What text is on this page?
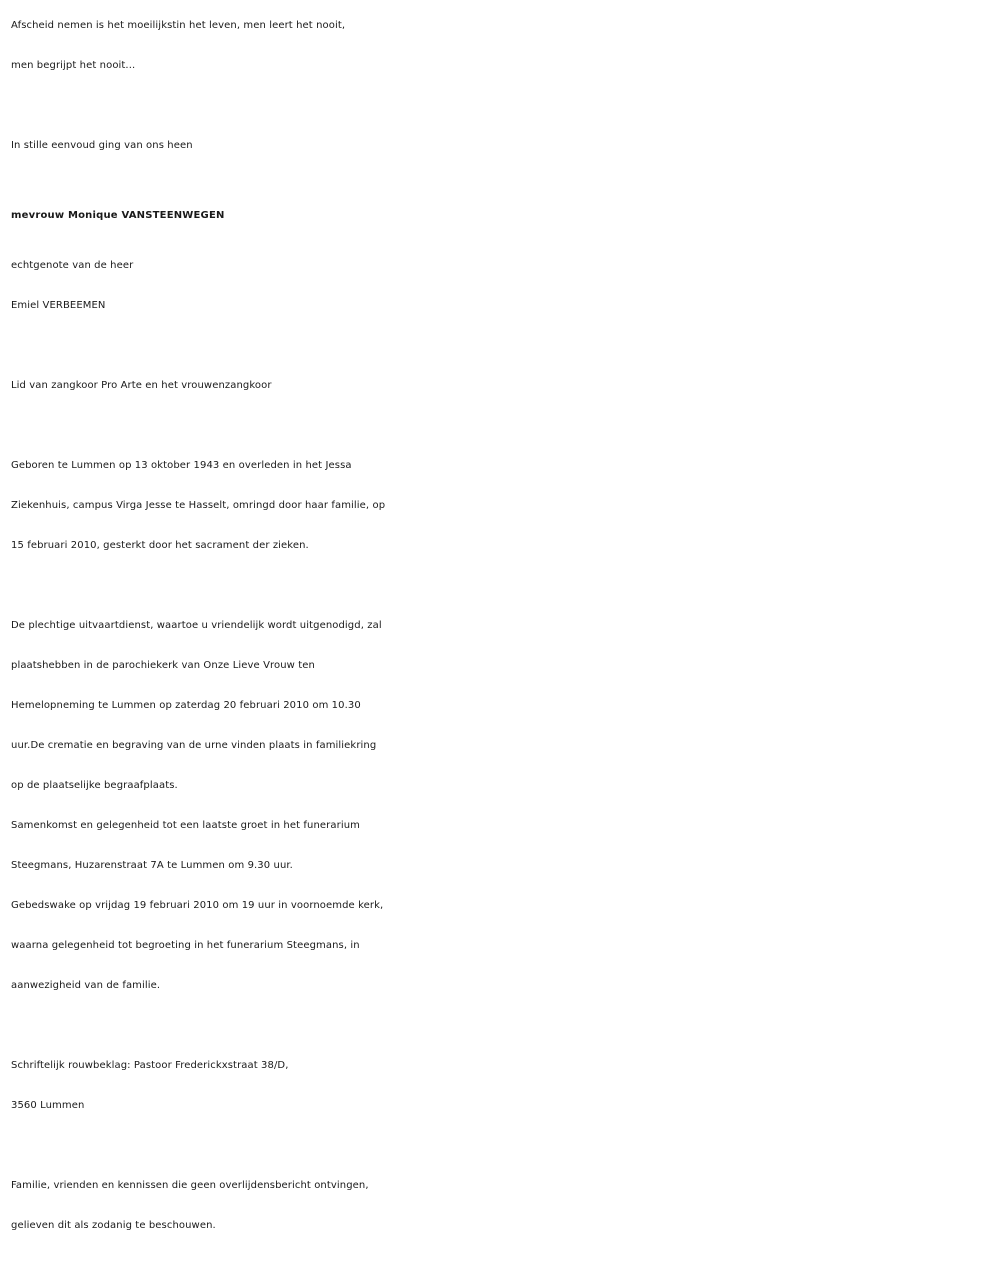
Afscheid nemen is het moeilijkstin het leven, men leert het nooit,
men begrijpt het nooit...
In stille eenvoud ging van ons heen
mevrouw Monique VANSTEENWEGEN
echtgenote van de heer
Emiel VERBEEMEN
Lid van zangkoor Pro Arte en het vrouwenzangkoor
Geboren te Lummen op 13 oktober 1943 en overleden in het Jessa
Ziekenhuis, campus Virga Jesse te Hasselt, omringd door haar familie, op
15 februari 2010, gesterkt door het sacrament der zieken.
De plechtige uitvaartdienst, waartoe u vriendelijk wordt uitgenodigd, zal
plaatshebben in de parochiekerk van Onze Lieve Vrouw ten
Hemelopneming te Lummen op zaterdag 20 februari 2010 om 10.30
uur.De crematie en begraving van de urne vinden plaats in familiekring
op de plaatselijke begraafplaats.
Samenkomst en gelegenheid tot een laatste groet in het funerarium
Steegmans, Huzarenstraat 7A te Lummen om 9.30 uur.
Gebedswake op vrijdag 19 februari 2010 om 19 uur in voornoemde kerk,
waarna gelegenheid tot begroeting in het funerarium Steegmans, in
aanwezigheid van de familie.
Schriftelijk rouwbeklag: Pastoor Frederickxstraat 38/D,
3560 Lummen
Familie, vrienden en kennissen die geen overlijdensbericht ontvingen,
gelieven dit als zodanig te beschouwen.
